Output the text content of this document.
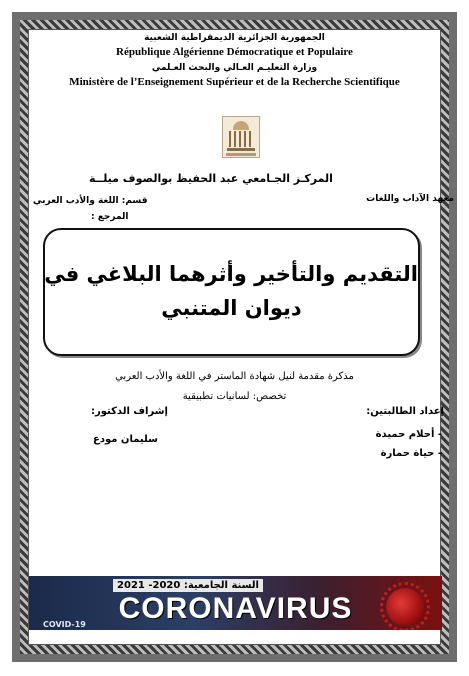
الجمهورية الجزائرية الديمقراطية الشعبية
République Algérienne Démocratique et Populaire
وزارة التعليـم العـالي والبحث العـلمي
Ministère de l’Enseignement Supérieur et de la Recherche Scientifique
المركـز الجـامعي عبد الحفيظ بوالصوف ميلــة
معهد الآداب واللغات
قسم: اللغة والأدب العربي
المرجع :
التقديم والتأخير وأثرهما البلاغي في
ديوان المتنبي
مذكرة مقدمة لنيل شهادة الماستر في اللغة والأدب العربي
تخصص: لسانيات تطبيقية
إعداد الطالبتين:
- أحلام حميدة
- حياة حمارة
إشراف الدكتور:
سليمان مودع
السنة الجامعية: 2020- 2021
CORONAVIRUS
COVID-19
